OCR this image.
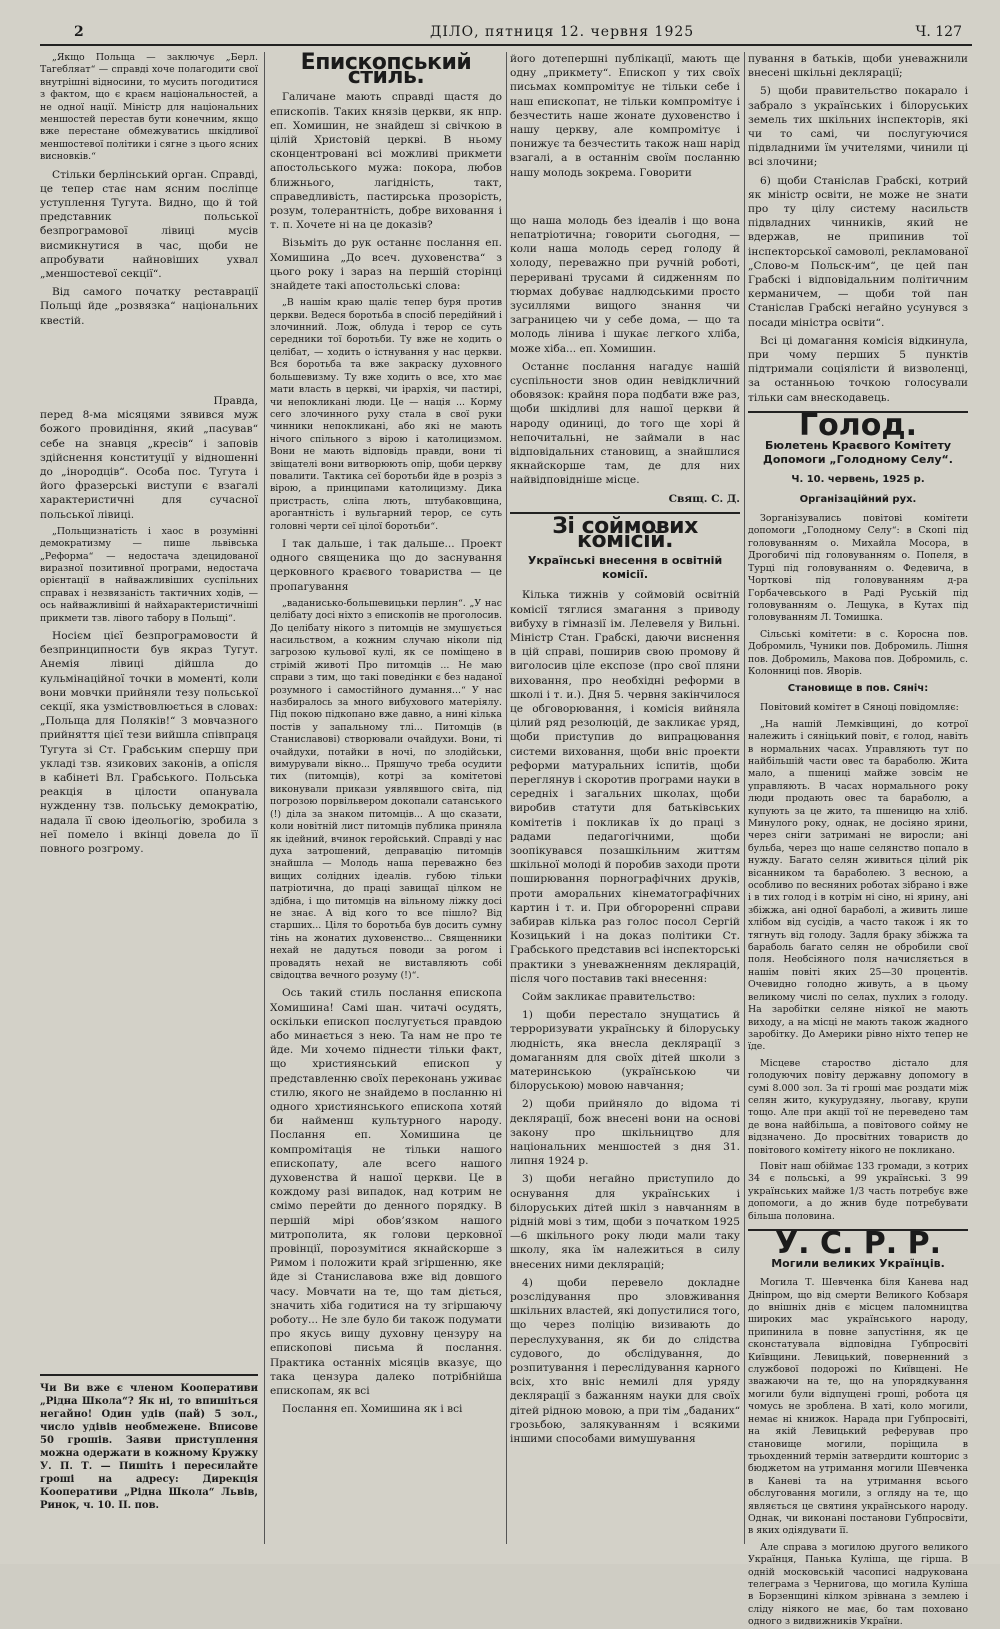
2	ДІЛО, пятниця 12. червня 1925	Ч. 127

„Якщо Польща — заключує „Берл. Тагебляат“ — справді хоче полагодити свої внутрішні відносини, то мусить погодитися з фактом, що є краєм національностей, а не одної нації. Міністр для національних меншостей перестав бути конечним, якщо вже перестане обмежуватись шкідливої меншостевої політики і сягне з цього ясних висновків.“

Стільки берлінський орган. Справді, це тепер стає нам ясним посліпце уступлення Тугута. Видно, що й той представник польської безпрограмової лівиці мусів висмикнутися в час, щоби не апробувати найновіших ухвал „меншостевої секції“.

Від самого початку реставрації Польщі йде „розвязка“ національних квестій.

Правда,

перед 8-ма місяцями зявився муж божого провидіння, який „пасував“ себе на знавця „кресів“ і заповів здійснення конституції у відношенні до „інородців“. Особа пос. Тугута і його фразерські виступи є взагалі характеристичні для сучасної польської лівиці.

„Польщизнатість і хаос в розумінні демократизму — пише львівська „Реформа“ — недостача здецидованої виразної позитивної програми, недостача орієнтації в найважливіших суспільних справах і незвязаність тактичних ходів, — ось найважливіші й найхарактеристичніші прикмети тзв. лівого табору в Польщі“.

Носієм цієї безпрограмовости й безпринципности був якраз Тугут. Анемія лівиці дійшла до кульмінаційної точки в моменті, коли вони мовчки прийняли тезу польської секції, яка узміствовлюється в словах: „Польща для Поляків!“ З мовчазного прийняття цієї тези вийшла співпраця Тугута зі Ст. Грабським спершу при укладі тзв. язикових законів, а опісля в кабінеті Вл. Грабського. Польська реакція в цілости опанувала нужденну тзв. польську демократію, надала її свою ідеольогію, зробила з неї помело і вкінці довела до її повного розгрому.

Чи Ви вже є членом Кооперативи „Рідна Школа“? Як ні, то впишіться негайно! Один удів (пай) 5 зол., число удівів необмежене. Вписове 50 грошів. Заяви приступлення можна одержати в кожному Кружку У. П. Т. — Пишіть і пересилайте гроші на адресу: Дирекція Кооперативи „Рідна Школа“ Львів, Ринок, ч. 10. II. пов.
Епископський стиль.

Галичане мають справді щастя до епископів. Таких князів церкви, як нпр. еп. Хомишин, не знайдеш зі свічкою в цілій Христовій церкві. В ньому сконцентровані всі можливі прикмети апостольського мужа: покора, любов ближнього, лагідність, такт, справедливість, пастирська прозорість, розум, толерантність, добре виховання і т. п. Хочете ні на це доказів?

Візьміть до рук останнє послання еп. Хомишина „До всеч. духовенства“ з цього року і зараз на першій сторінці знайдете такі апостольські слова:

„В нашім краю щаліє тепер буря против церкви. Ведеся боротьба в спосіб передійний і злочинний. Лож, облуда і терор се суть середники тої боротьби. Ту вже не ходить о целібат, — ходить о істнування у нас церкви. Вся боротьба та вже закраску духовного большевизму. Ту вже ходить о все, хто має мати власть в церкві, чи ірархія, чи пастирі, чи непокликані люди. Це — нація ... Корму сего злочинного руху стала в свої руки чинники непокликані, або які не мають нічого спільного з вірою і католицизмом. Вони не мають відповідь правди, вони ті звіщателі вони витворюють опір, щоби церкву повалити. Тактика сеї боротьби йде в розріз з вірою, а принципами католицизму. Дика пристрасть, сліпа лють, штубаковщина, арогантність і вульгарний терор, се суть головні черти сеї цілої боротьби“.

І так дальше, і так дальше... Проект одного священика що до заснування церковного краєвого товариства — це пропагування

„ваданисько-большевицьки перлин“. „У нас целібату досі ніхто з епископів не проголосив. До целібату нікого з питомців не змушується насильством, а кожним случаю ніколи під загрозою кульової кулі, як се поміщено в стрімій животі Про питомців ... Не маю справи з тим, що такі поведінки є без наданої розумного і самостійного думання...“ У нас назбиралось за много вибухового матеріялу. Під покою підкопано вже давно, а нині кілька постів у запальному тлі... Питомців (в Станиславові) створювали очайдухи. Вони, ті очайдухи, потайки в ночі, по злодійськи, вимурували вікно... Пряшучо треба осудити тих (питомців), котрі за комітетові виконували прикази уявлявшого світа, під погрозою порвільвером докопали сатанського (!) діла за знаком питомців... А що сказати, коли новітній лист питомців публика приняла як ідейний, вчинок геройський. Справді у нас духа затрошений, деправацію питомців знайшла — Молодь наша переважно без вищих солідних ідеалів. губою тільки патріотична, до праці завищаї цілком не здібна, і що питомців на вільному ліжку досі не знає. А від кого то все пішло? Від старших... Ціля то боротьба був досить сумну тінь на жонатих духовенство... Священники нехай не дадуться поводи за рогом і провадять нехай не виставляють собі свідоцтва вечного розуму (!)“.

Ось такий стиль послання епископа Хомишина! Самі шан. читачі осудять, оскільки епископ послугується правдою або минається з нею. Та нам не про те йде. Ми хочемо піднести тільки факт, що християнський епископ у представленню своїх переконань уживає стилю, якого не знайдемо в посланню ні одного християнського епископа хотяй би найменш культурного народу. Послання еп. Хомишина це компромітація не тільки нашого епископату, але всего нашого духовенства й нашої церкви. Це в кождому разі випадок, над котрим не смімо перейти до денного порядку. В першій мірі обов’язком нашого митрополита, як голови церковної провінції, порозумітися якнайскорше з Римом і положити край згіршенню, яке йде зі Станиславова вже від довшого часу. Мовчати на те, що там діється, значить хіба годитися на ту згіршаючу роботу... Не зле було би також подумати про якусь вищу духовну цензуру на епископові письма й послання. Практика останніх місяців вказує, що така цензура далеко потрібнійша епископам, як всі

Послання еп. Хомишина як і всі

його дотепершні публікації, мають ще одну „прикмету“. Епископ у тих своїх письмах компромітує не тільки себе і наш епископат, не тільки компромітує і безчестить наше жонате духовенство і нашу церкву, але компромітує і понижує та безчестить також наш нарід взагалі, а в останнім своїм посланню нашу молодь зокрема. Говорити

що наша молодь без ідеалів і що вона непатріотична; говорити сьогодня, — коли наша молодь серед голоду й холоду, переважно при ручній роботі, переривані трусами й сидженням по тюрмах добуває надлюдськими просто зусиллями вищого знання чи заграницею чи у себе дома, — що та молодь лінива і шукає легкого хліба, може хіба... еп. Хомишин.

Останнє послання нагадує нашій суспільности знов один невідкличний обовязок: крайня пора подбати вже раз, щоби шкідливі для нашої церкви й народу одиниці, до того ще хорі й непочитальні, не займали в нас відповідальних становищ, а знайшлися якнайскорше там, де для них найвідповідніше місце.

Свящ. С. Д.
Зі соймових комісій.
Українські внесення в освітній комісії.

Кілька тижнів у соймовій освітній комісії тяглися змагання з приводу вибуху в гімназії ім. Лелевеля у Вильні. Міністр Стан. Грабскі, даючи виснення в цій справі, поширив свою промову й виголосив ціле експозе (про свої пляни виховання, про необхідні реформи в школі і т. и.). Дня 5. червня закінчилося це обговорювання, і комісія вийняла цілий ряд резолюцій, де закликає уряд, щоби приступив до випрацювання системи виховання, щоби вніс проекти реформи матуральних іспитів, щоби переглянув і скоротив програми науки в середніх і загальних школах, щоби виробив статути для батьківських комітетів і покликав їх до праці з радами педагогічними, щоби зоопікувався позашкільним життям шкільної молоді й поробив заходи проти поширювання порнографічних друків, проти аморальних кінематографічних картин і т. и. При обгороренні справи забирав кілька раз голос посол Сергій Козицький і на доказ політики Ст. Грабського представив всі інспекторські практики з уневажненням деклярацій, після чого поставив такі внесення:

Сойм закликає правительство:

1) щоби перестало знущатись й терроризувати українську й білоруську людність, яка внесла деклярації з домаганням для своїх дітей школи з материнською (українською чи білоруською) мовою навчання;

2) щоби прийняло до відома ті деклярації, бож внесені вони на основі закону про шкільництво для національних меншостей з дня 31. липня 1924 р.

3) щоби негайно приступило до оснування для українських і білоруських дітей шкіл з навчанням в рідній мові з тим, щоби з початком 1925—6 шкільного року люди мали таку школу, яка їм належиться в силу внесених ними деклярацій;

4) щоби перевело докладне розслідування про зловживання шкільних властей, які допустилися того, що через поліцію визивають до переслухування, як би до слідства судового, до обслідування, до розпитування і переслідування карного всіх, хто вніс немилі для уряду деклярації з бажанням науки для своїх дітей рідною мовою, а при тім „баданих“ грозьбою, залякуванням і всякими іншими способами вимушування

пування в батьків, щоби уневажнили внесені шкільні деклярації;

5) щоби правительство покарало і забрало з українських і білоруських земель тих шкільних інспекторів, які чи то самі, чи послугуючися підвладними їм учителями, чинили ці всі злочини;

6) щоби Станіслав Грабскі, котрий як міністр освіти, не може не знати про ту цілу систему насильств підвладних чинників, який не вдержав, не припинив тої інспекторської самоволі, рекламованої „Слово-м Польск-им“, це цей пан Грабскі і відповідальним політичним керманичем, — щоби той пан Станіслав Грабскі негайно усунувся з посади міністра освіти“.

Всі ці домагання комісія відкинула, при чому перших 5 пунктів підтримали соціялісти й визволенці, за останньою точкою голосували тільки сам внескодавець.

Голод.
Бюлетень Краєвого Комітету Допомоги „Голодному Селу“.
Ч. 10. червень, 1925 р.
Організаційний рух.

Зорганізувались повітові комітети допомоги „Голодному Селу“: в Скопі під головуванням о. Михайла Мосора, в Дрогобичі під головуванням о. Попеля, в Турці під головуванням о. Федевича, в Чорткові під головуванням д-ра Горбачевського в Раді Руській під головуванням о. Лещука, в Кутах під головуванням Л. Томишка.

Сільські комітети: в с. Короcна пов. Добромиль, Чуники пов. Добромиль. Лішня пов. Добромиль, Макова пов. Добромиль, с. Колонниці пов. Яворів.

Становище в пов. Сяніч:

Повітовий комітет в Сяноці повідомляє:

„На нашій Лемківщині, до котрої належить і сяніцький повіт, є голод, навіть в нормальних часах. Управляють тут по найбільшій части овес та бараболю. Жита мало, а пшениці майже зовсім не управляють. В часах нормального року люди продають овес та бараболю, а купують за це жито, та пшеницю на хліб. Минулого року, однак, не досіяно ярини, через сніги затримані не виросли; ані бульба, через що наше селянство попало в нужду. Багато селян живиться цілий рік вісанником та бараболею. З весною, а особливо по весняних роботах зібрано і вже і в тих голод і в котрім ні сіно, ні ярину, ані збіжжа, ані одної бараболі, а живить лише хлібом від сусідів, а часто також і як то тягнуть від голоду. Задля браку збіжжа та бараболь багато селян не обробили свої поля. Необсіяного поля начисляється в нашім повіті яких 25—30 процентів. Очевидно голодно живуть, а в цьому великому числі по селах, пухлих з голоду. На заробітки селяне ніякої не мають виходу, а на місці не мають також жадного заробітку. До Америки рівно ніхто тепер не їде.

Місцеве староство дістало для голодуючих повіту державну допомогу в сумі 8.000 зол. За ті гроші має роздати між селян жито, кукурудзяну, льогаву, крупи тощо. Але при акції тої не переведено там де вона найбільша, а повітового сойму не відзначено. До просвітних товариств до повітового комітету нікого не покликано.

Повіт наш обіймає 133 громади, з котрих 34 є польські, а 99 українські. З 99 українських майже 1/3 часть потребує вже допомоги, а до жнив буде потребувати більша половина.

У. С. Р. Р.
Могили великих Українців.

Могила Т. Шевченка біля Канева над Дніпром, що від смерти Великого Кобзаря до внішніх днів є місцем паломництва широких мас українського народу, припинила в повне запустіння, як це сконстатувала відповідна Губпросвіті Київщини. Левицький, поверненний з службової подорожі по Київщені. Не зважаючи на те, що на упорядкування могили були відпущені гроші, робота ця чомусь не зроблена. В хаті, коло могили, немає ні книжок. Нарада при Губпросвіті, на якій Левицький реферував про становище могили, поріщила в трьохденний термін затвердити кошторис з бюджетом на утримання могили Шевченка в Каневі та на утримання всього обслуговання могили, з огляду на те, що являється це святиня українського народу. Однак, чи виконані постанови Губпросвіти, в яких одіядувати її.

Але справа з могилою другого великого Українця, Панька Куліша, ще гірша. В одній московській часописі надрукована телеграма з Чернигова, що могила Куліша в Борзенщині кілком зрівнана з землею і сліду ніякого не має, бо там поховано одного з видвижників України.
